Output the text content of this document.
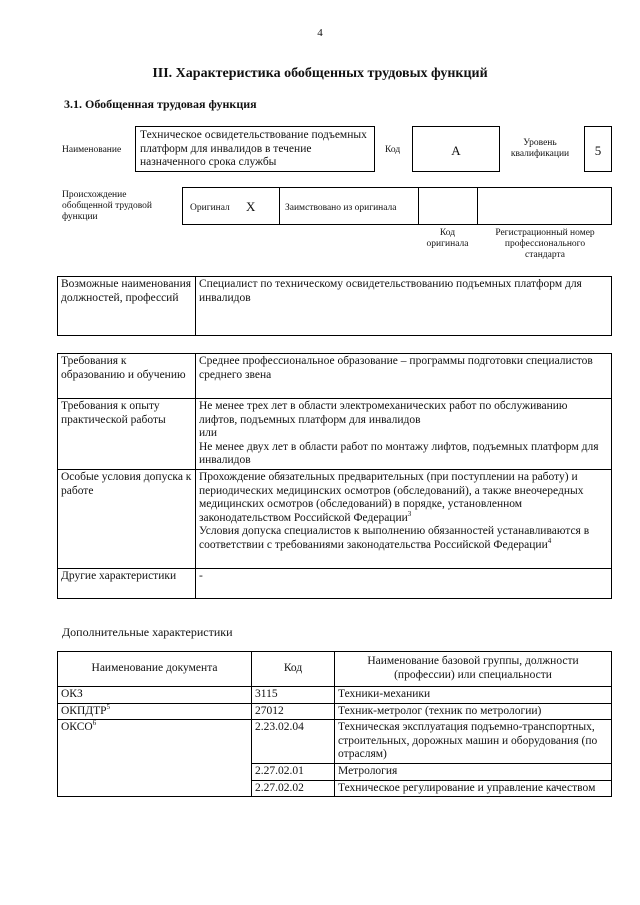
4
III. Характеристика обобщенных трудовых функций
3.1. Обобщенная трудовая функция
Наименование
Техническое освидетельствование подъемных платформ для инвалидов в течение назначенного срока службы
Код	А	Уровень квалификации	5
Происхождение обобщенной трудовой функции
Оригинал X	Заимствовано из оригинала
Код оригинала
Регистрационный номер профессионального стандарта
Возможные наименования должностей, профессий	Специалист по техническому освидетельствованию подъемных платформ для инвалидов
Требования к образованию и обучению	Среднее профессиональное образование – программы подготовки специалистов среднего звена

Требования к опыту практической работы	Не менее трех лет в области электромеханических работ по обслуживанию лифтов, подъемных платформ для инвалидов
или
Не менее двух лет в области работ по монтажу лифтов, подъемных платформ для инвалидов

Особые условия допуска к работе	Прохождение обязательных предварительных (при поступлении на работу) и периодических медицинских осмотров (обследований), а также внеочередных медицинских осмотров (обследований) в порядке, установленном законодательством Российской Федерации$^3$
Условия допуска специалистов к выполнению обязанностей устанавливаются в соответствии с требованиями законодательства Российской Федерации$^4$

Другие характеристики	-
Дополнительные характеристики
Наименование документа	Код	Наименование базовой группы, должности (профессии) или специальности
ОКЗ	3115	Техники-механики
ОКПДТР$^5$	27012	Техник-метролог (техник по метрологии)
ОКСО$^6$	2.23.02.04	Техническая эксплуатация подъемно-транспортных, строительных, дорожных машин и оборудования (по отраслям)
	2.27.02.01	Метрология
	2.27.02.02	Техническое регулирование и управление качеством
